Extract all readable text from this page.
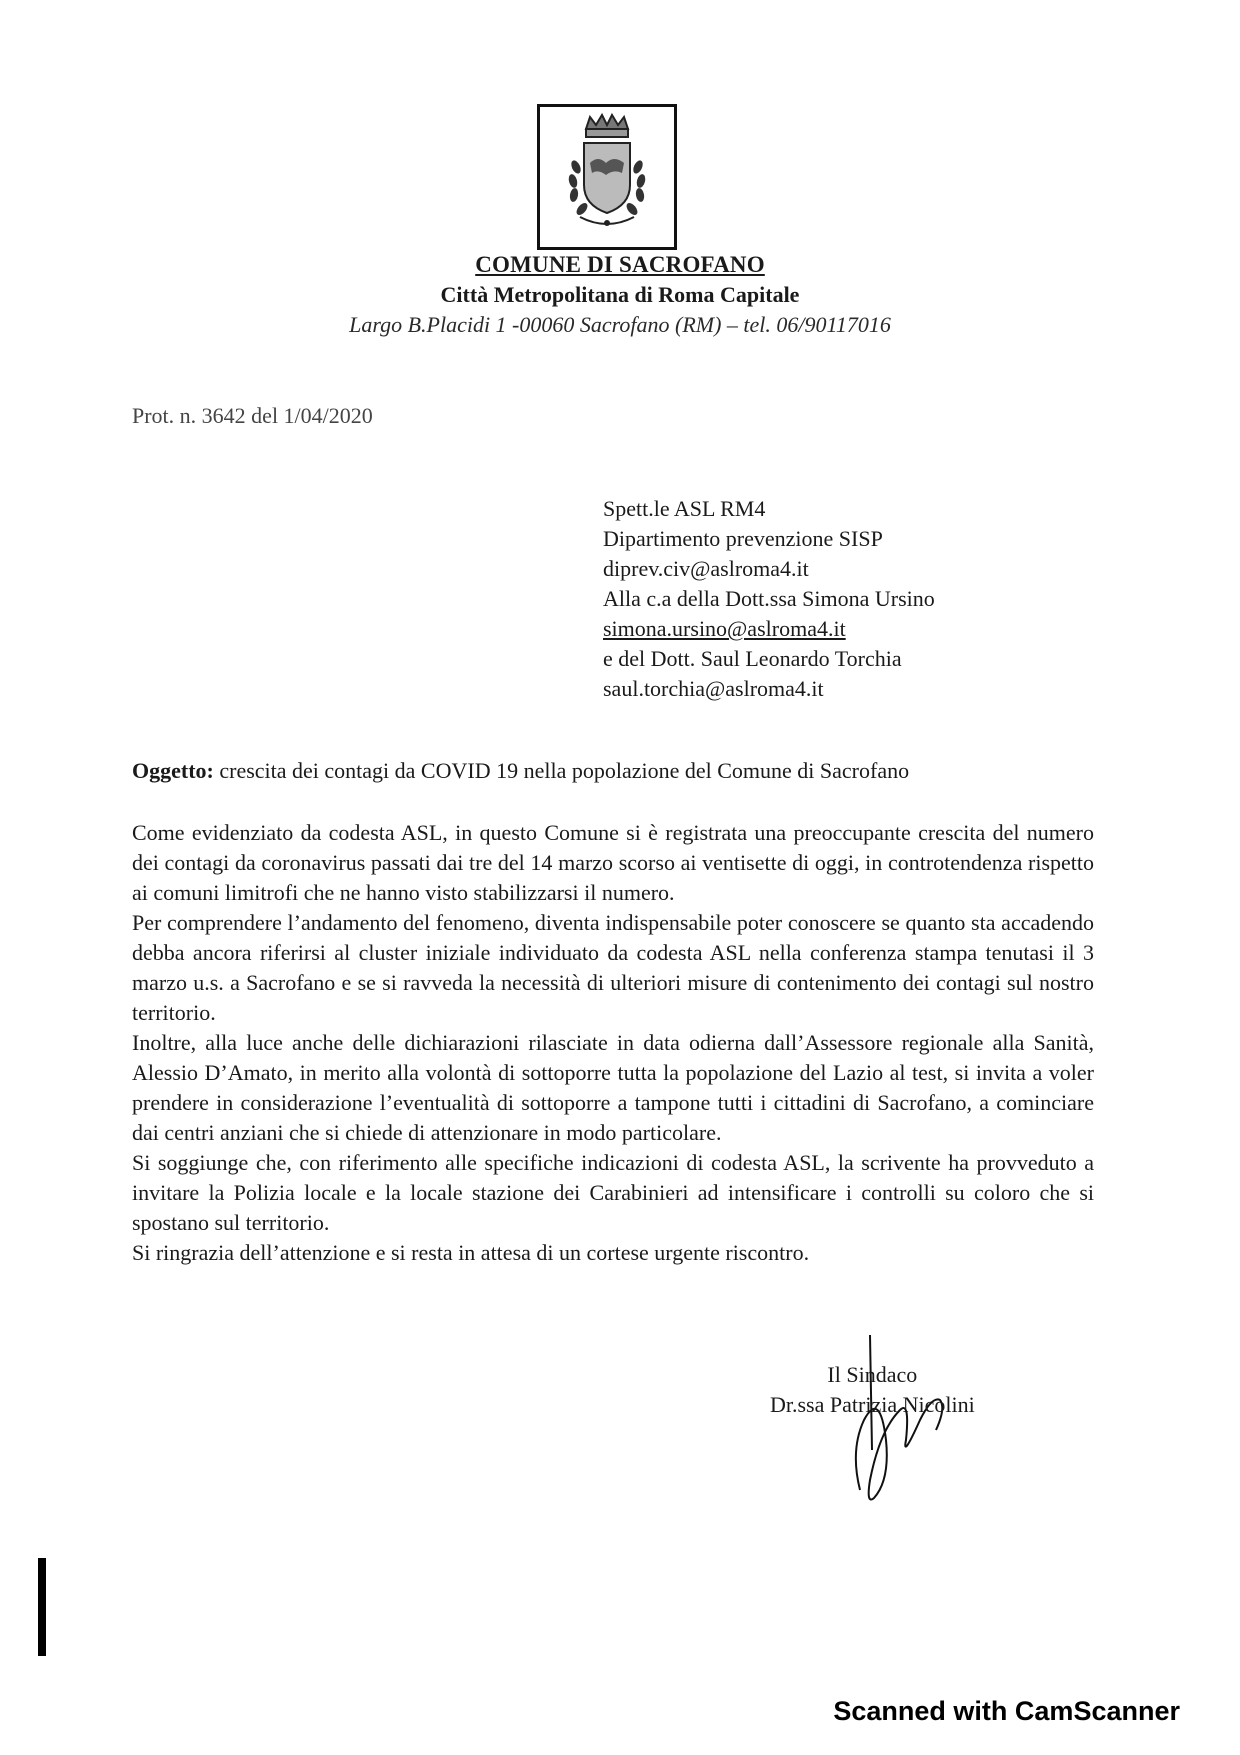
COMUNE DI SACROFANO
Città Metropolitana di Roma Capitale
Largo B.Placidi 1 -00060 Sacrofano (RM) – tel. 06/90117016
Prot. n. 3642 del 1/04/2020
Spett.le ASL RM4
Dipartimento prevenzione SISP
diprev.civ@aslroma4.it
Alla c.a della Dott.ssa Simona Ursino
simona.ursino@aslroma4.it
e del Dott. Saul Leonardo Torchia
saul.torchia@aslroma4.it
Oggetto: crescita dei contagi da COVID 19 nella popolazione del Comune di Sacrofano

Come evidenziato da codesta ASL, in questo Comune si è registrata una preoccupante crescita del numero dei contagi da coronavirus passati dai tre del 14 marzo scorso ai ventisette di oggi, in controtendenza rispetto ai comuni limitrofi che ne hanno visto stabilizzarsi il numero.

Per comprendere l’andamento del fenomeno, diventa indispensabile poter conoscere se quanto sta accadendo debba ancora riferirsi al cluster iniziale individuato da codesta ASL nella conferenza stampa tenutasi il 3 marzo u.s. a Sacrofano e se si ravveda la necessità di ulteriori misure di contenimento dei contagi sul nostro territorio.

Inoltre, alla luce anche delle dichiarazioni rilasciate in data odierna dall’Assessore regionale alla Sanità, Alessio D’Amato, in merito alla volontà di sottoporre tutta la popolazione del Lazio al test, si invita a voler prendere in considerazione l’eventualità di sottoporre a tampone tutti i cittadini di Sacrofano, a cominciare dai centri anziani che si chiede di attenzionare in modo particolare.

Si soggiunge che, con riferimento alle specifiche indicazioni di codesta ASL, la scrivente ha provveduto a invitare la Polizia locale e la locale stazione dei Carabinieri ad intensificare i controlli su coloro che si spostano sul territorio.

Si ringrazia dell’attenzione e si resta in attesa di un cortese urgente riscontro.

Il Sindaco
Dr.ssa Patrizia Nicolini
Scanned with CamScanner
